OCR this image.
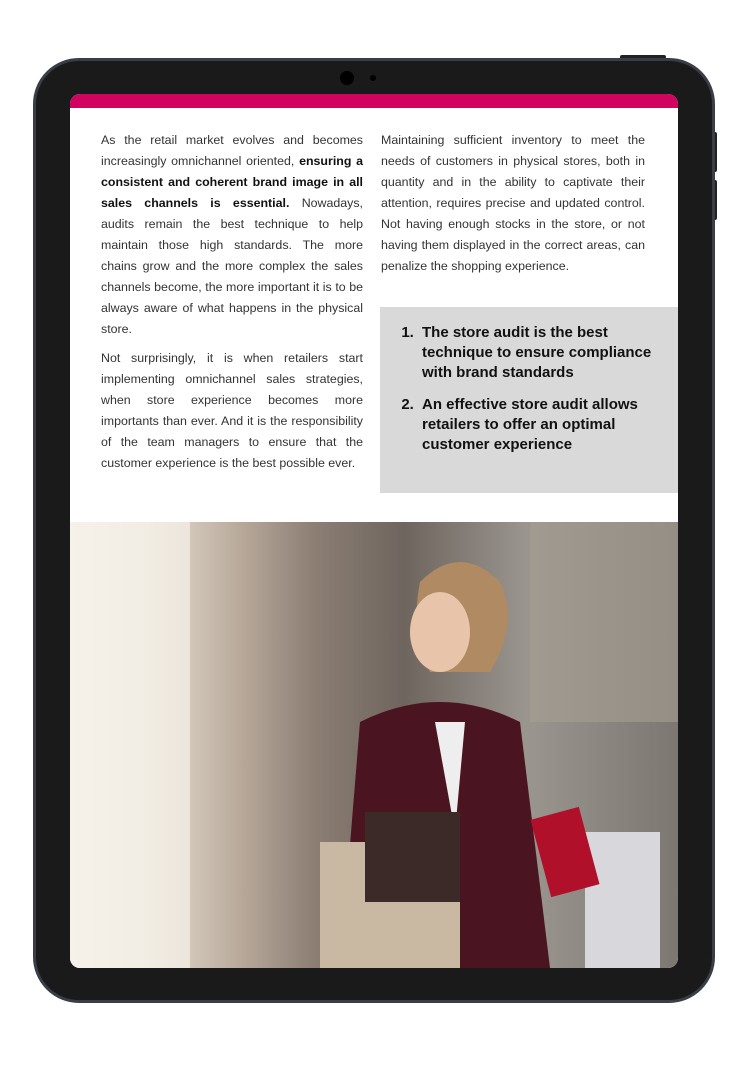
As the retail market evolves and becomes increasingly omnichannel oriented, ensuring a consistent and coherent brand image in all sales channels is essential. Nowadays, audits remain the best technique to help maintain those high standards. The more chains grow and the more complex the sales channels become, the more important it is to be always aware of what happens in the physical store.

Not surprisingly, it is when retailers start implementing omnichannel sales strategies, when store experience becomes more importants than ever. And it is the responsibility of the team managers to ensure that the customer experience is the best possible ever.

Maintaining sufficient inventory to meet the needs of customers in physical stores, both in quantity and in the ability to captivate their attention, requires precise and updated control. Not having enough stocks in the store, or not having them displayed in the correct areas, can penalize the shopping experience.

1. The store audit is the best technique to ensure compliance with brand standards
2. An effective store audit allows retailers to offer an optimal customer experience
